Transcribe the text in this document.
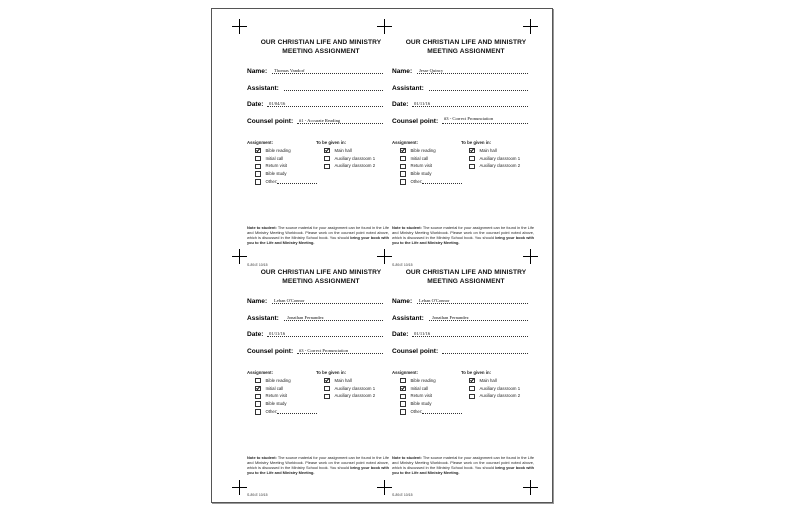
OUR CHRISTIAN LIFE AND MINISTRY
MEETING ASSIGNMENT
Name: Thomas Vandorf
Assistant:
Date: 01/04/16
Counsel point: #1 - Accurate Reading
Assignment:
Bible reading
Initial call
Return visit
Bible study
Other:
To be given in:
Main hall
Auxiliary classroom 1
Auxiliary classroom 2
Note to student: The source material for your assignment can be found in the Life and Ministry Meeting Workbook. Please work on the counsel point noted above, which is discussed in the Ministry School book. You should bring your book with you to the Life and Ministry Meeting.
S-89-E 10/15
OUR CHRISTIAN LIFE AND MINISTRY
MEETING ASSIGNMENT
Name: Jesse Quincy
Assistant:
Date: 01/11/16
Counsel point: #3 - Correct Pronunciation
Assignment:
Bible reading
Initial call
Return visit
Bible study
Other:
To be given in:
Main hall
Auxiliary classroom 1
Auxiliary classroom 2
Note to student: The source material for your assignment can be found in the Life and Ministry Meeting Workbook. Please work on the counsel point noted above, which is discussed in the Ministry School book. You should bring your book with you to the Life and Ministry Meeting.
S-89-E 10/15
OUR CHRISTIAN LIFE AND MINISTRY
MEETING ASSIGNMENT
Name: Leban O'Connor
Assistant: Jonathan Fernandez
Date: 01/11/16
Counsel point: #3 - Correct Pronunciation
Assignment:
Bible reading
Initial call
Return visit
Bible study
Other:
To be given in:
Main hall
Auxiliary classroom 1
Auxiliary classroom 2
Note to student: The source material for your assignment can be found in the Life and Ministry Meeting Workbook. Please work on the counsel point noted above, which is discussed in the Ministry School book. You should bring your book with you to the Life and Ministry Meeting.
S-89-E 10/15
OUR CHRISTIAN LIFE AND MINISTRY
MEETING ASSIGNMENT
Name: Leban O'Connor
Assistant: Jonathan Fernandez
Date: 01/11/16
Counsel point:
Assignment:
Bible reading
Initial call
Return visit
Bible study
Other:
To be given in:
Main hall
Auxiliary classroom 1
Auxiliary classroom 2
Note to student: The source material for your assignment can be found in the Life and Ministry Meeting Workbook. Please work on the counsel point noted above, which is discussed in the Ministry School book. You should bring your book with you to the Life and Ministry Meeting.
S-89-E 10/15
